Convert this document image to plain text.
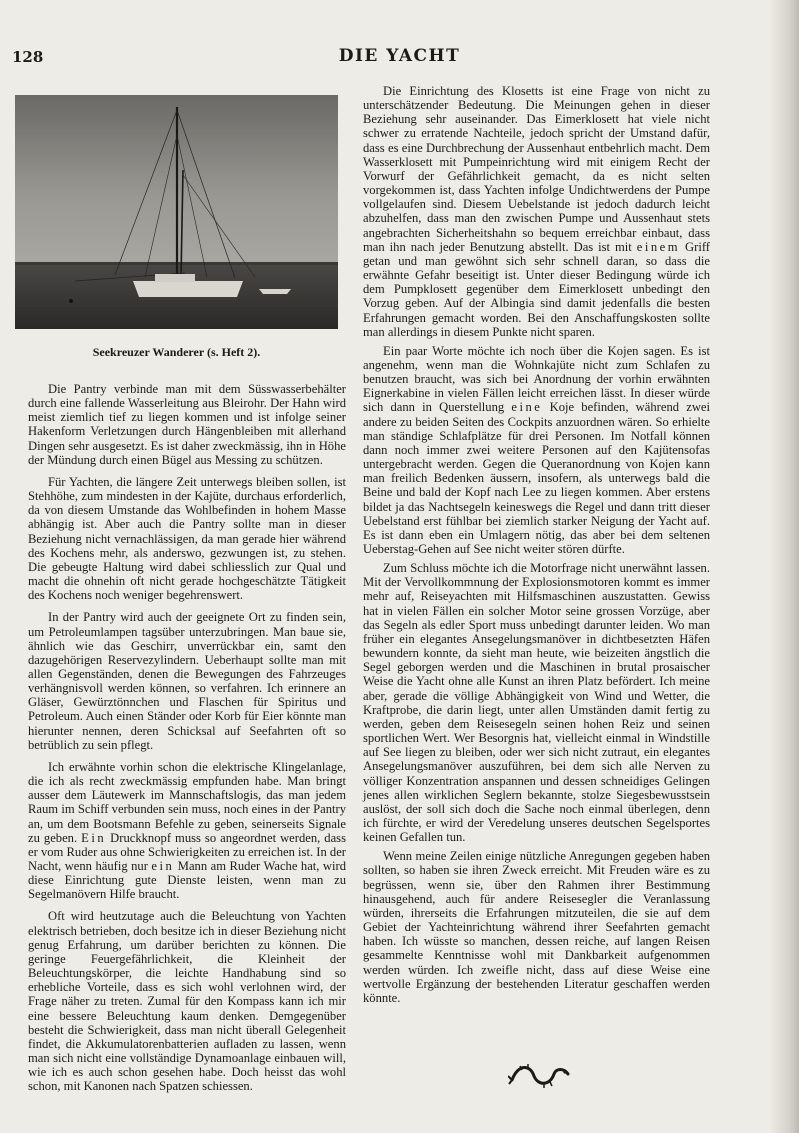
128	DIE YACHT
Seekreuzer Wanderer (s. Heft 2).

Die Pantry verbinde man mit dem Süsswasserbehälter durch eine fallende Wasserleitung aus Bleirohr. Der Hahn wird meist ziemlich tief zu liegen kommen und ist infolge seiner Hakenform Verletzungen durch Hängenbleiben mit allerhand Dingen sehr ausgesetzt. Es ist daher zweckmässig, ihn in Höhe der Mündung durch einen Bügel aus Messing zu schützen.

Für Yachten, die längere Zeit unterwegs bleiben sollen, ist Stehhöhe, zum mindesten in der Kajüte, durchaus erforderlich, da von diesem Umstande das Wohlbefinden in hohem Masse abhängig ist. Aber auch die Pantry sollte man in dieser Beziehung nicht vernachlässigen, da man gerade hier während des Kochens mehr, als anderswo, gezwungen ist, zu stehen. Die gebeugte Haltung wird dabei schliesslich zur Qual und macht die ohnehin oft nicht gerade hochgeschätzte Tätigkeit des Kochens noch weniger begehrenswert.

In der Pantry wird auch der geeignete Ort zu finden sein, um Petroleumlampen tagsüber unterzubringen. Man baue sie, ähnlich wie das Geschirr, unverrückbar ein, samt den dazugehörigen Reservezylindern. Ueberhaupt sollte man mit allen Gegenständen, denen die Bewegungen des Fahrzeuges verhängnisvoll werden können, so verfahren. Ich erinnere an Gläser, Gewürztönnchen und Flaschen für Spiritus und Petroleum. Auch einen Ständer oder Korb für Eier könnte man hierunter nennen, deren Schicksal auf Seefahrten oft so betrüblich zu sein pflegt.

Ich erwähnte vorhin schon die elektrische Klingelanlage, die ich als recht zweckmässig empfunden habe. Man bringt ausser dem Läutewerk im Mannschaftslogis, das man jedem Raum im Schiff verbunden sein muss, noch eines in der Pantry an, um dem Bootsmann Befehle zu geben, seinerseits Signale zu geben. Ein Druckknopf muss so angeordnet werden, dass er vom Ruder aus ohne Schwierigkeiten zu erreichen ist. In der Nacht, wenn häufig nur ein Mann am Ruder Wache hat, wird diese Einrichtung gute Dienste leisten, wenn man zu Segelmanövern Hilfe braucht.

Oft wird heutzutage auch die Beleuchtung von Yachten elektrisch betrieben, doch besitze ich in dieser Beziehung nicht genug Erfahrung, um darüber berichten zu können. Die geringe Feuergefährlichkeit, die Kleinheit der Beleuchtungskörper, die leichte Handhabung sind so erhebliche Vorteile, dass es sich wohl verlohnen wird, der Frage näher zu treten. Zumal für den Kompass kann ich mir eine bessere Beleuchtung kaum denken. Demgegenüber besteht die Schwierigkeit, dass man nicht überall Gelegenheit findet, die Akkumulatorenbatterien aufladen zu lassen, wenn man sich nicht eine vollständige Dynamoanlage einbauen will, wie ich es auch schon gesehen habe. Doch heisst das wohl schon, mit Kanonen nach Spatzen schiessen.

Die Einrichtung des Klosetts ist eine Frage von nicht zu unterschätzender Bedeutung. Die Meinungen gehen in dieser Beziehung sehr auseinander. Das Eimerklosett hat viele nicht schwer zu erratende Nachteile, jedoch spricht der Umstand dafür, dass es eine Durchbrechung der Aussenhaut entbehrlich macht. Dem Wasserklosett mit Pumpeinrichtung wird mit einigem Recht der Vorwurf der Gefährlichkeit gemacht, da es nicht selten vorgekommen ist, dass Yachten infolge Undichtwerdens der Pumpe vollgelaufen sind. Diesem Uebelstande ist jedoch dadurch leicht abzuhelfen, dass man den zwischen Pumpe und Aussenhaut stets angebrachten Sicherheitshahn so bequem erreichbar einbaut, dass man ihn nach jeder Benutzung abstellt. Das ist mit einem Griff getan und man gewöhnt sich sehr schnell daran, so dass die erwähnte Gefahr beseitigt ist. Unter dieser Bedingung würde ich dem Pumpklosett gegenüber dem Eimerklosett unbedingt den Vorzug geben. Auf der Albingia sind damit jedenfalls die besten Erfahrungen gemacht worden. Bei den Anschaffungskosten sollte man allerdings in diesem Punkte nicht sparen.

Ein paar Worte möchte ich noch über die Kojen sagen. Es ist angenehm, wenn man die Wohnkajüte nicht zum Schlafen zu benutzen braucht, was sich bei Anordnung der vorhin erwähnten Eignerkabine in vielen Fällen leicht erreichen lässt. In dieser würde sich dann in Querstellung eine Koje befinden, während zwei andere zu beiden Seiten des Cockpits anzuordnen wären. So erhielte man ständige Schlafplätze für drei Personen. Im Notfall können dann noch immer zwei weitere Personen auf den Kajütensofas untergebracht werden. Gegen die Queranordnung von Kojen kann man freilich Bedenken äussern, insofern, als unterwegs bald die Beine und bald der Kopf nach Lee zu liegen kommen. Aber erstens bildet ja das Nachtsegeln keineswegs die Regel und dann tritt dieser Uebelstand erst fühlbar bei ziemlich starker Neigung der Yacht auf. Es ist dann eben ein Umlagern nötig, das aber bei dem seltenen Ueberstag-Gehen auf See nicht weiter stören dürfte.

Zum Schluss möchte ich die Motorfrage nicht unerwähnt lassen. Mit der Vervollkommnung der Explosionsmotoren kommt es immer mehr auf, Reiseyachten mit Hilfsmaschinen auszustatten. Gewiss hat in vielen Fällen ein solcher Motor seine grossen Vorzüge, aber das Segeln als edler Sport muss unbedingt darunter leiden. Wo man früher ein elegantes Ansegelungsmanöver in dichtbesetzten Häfen bewundern konnte, da sieht man heute, wie beizeiten ängstlich die Segel geborgen werden und die Maschinen in brutal prosaischer Weise die Yacht ohne alle Kunst an ihren Platz befördert. Ich meine aber, gerade die völlige Abhängigkeit von Wind und Wetter, die Kraftprobe, die darin liegt, unter allen Umständen damit fertig zu werden, geben dem Reisesegeln seinen hohen Reiz und seinen sportlichen Wert. Wer Besorgnis hat, vielleicht einmal in Windstille auf See liegen zu bleiben, oder wer sich nicht zutraut, ein elegantes Ansegelungsmanöver auszuführen, bei dem sich alle Nerven zu völliger Konzentration anspannen und dessen schneidiges Gelingen jenes allen wirklichen Seglern bekannte, stolze Siegesbewusstsein auslöst, der soll sich doch die Sache noch einmal überlegen, denn ich fürchte, er wird der Veredelung unseres deutschen Segelsportes keinen Gefallen tun.

Wenn meine Zeilen einige nützliche Anregungen gegeben haben sollten, so haben sie ihren Zweck erreicht. Mit Freuden wäre es zu begrüssen, wenn sie, über den Rahmen ihrer Bestimmung hinausgehend, auch für andere Reisesegler die Veranlassung würden, ihrerseits die Erfahrungen mitzuteilen, die sie auf dem Gebiet der Yachteinrichtung während ihrer Seefahrten gemacht haben. Ich wüsste so manchen, dessen reiche, auf langen Reisen gesammelte Kenntnisse wohl mit Dankbarkeit aufgenommen werden würden. Ich zweifle nicht, dass auf diese Weise eine wertvolle Ergänzung der bestehenden Literatur geschaffen werden könnte.
